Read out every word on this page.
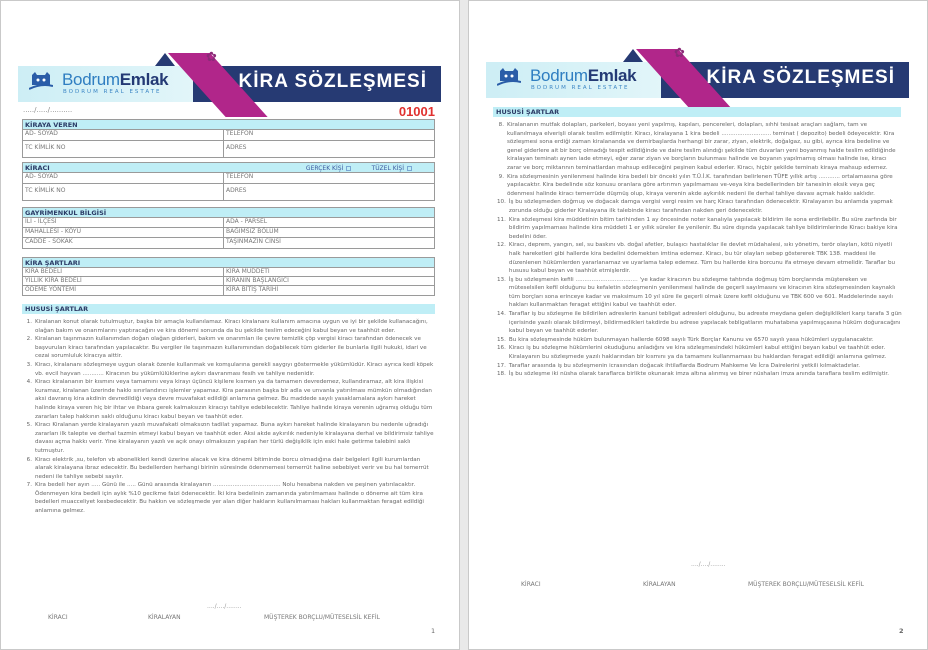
✿
BodrumEmlak
BODRUM REAL ESTATE	KİRA SÖZLEŞMESİ
...../...../..........	01001
KİRAYA VEREN
AD- SOYAD	TELEFON
TC KİMLİK NO	ADRES
KİRACI	GERÇEK KİŞİ	TÜZEL KİŞİ
AD- SOYAD	TELEFON
TC KİMLİK NO	ADRES
GAYRİMENKUL BİLGİSİ
İLİ - İLÇESİ	ADA - PARSEL
MAHALLESİ - KÖYÜ	BAĞIMSIZ BÖLÜM
CADDE - SOKAK	TAŞINMAZIN CİNSİ
KİRA ŞARTLARI
KİRA BEDELİ	KİRA MÜDDETİ
YILLIK KİRA BEDELİ	KİRANIN BAŞLANGICI
ÖDEME YÖNTEMİ	KİRA BİTİŞ TARİHİ
HUSUSİ ŞARTLAR
1. Kiralanan konut olarak tutulmuştur, başka bir amaçla kullanılamaz. Kiracı kiralananı kullanım amacına uygun ve iyi bir şekilde kullanacağını, olağan bakım ve onarımlarını yaptıracağını ve kira dönemi sonunda da bu şekilde teslim edeceğini kabul beyan ve taahhüt eder.
2. Kiralanan taşınmazın kullanımdan doğan olağan giderleri, bakım ve onarımları ile çevre temizlik çöp vergisi kiracı tarafından ödenecek ve başvuruları kiracı tarafından yapılacaktır. Bu vergiler ile taşınmazın kullanımından doğabilecek tüm giderler ile bunlarla ilgili hukuki, idari ve cezai sorumluluk kiracıya aittir.
3. Kiracı, kiralananı sözleşmeye uygun olarak özenle kullanmak ve komşularına gerekli saygıyı göstermekle yükümlüdür. Kiracı ayrıca kedi köpek vb. evcil hayvan ............ Kiracının bu yükümlülüklerine aykırı davranması fesih ve tahliye nedenidir.
4. Kiracı kiralananın bir kısmını veya tamamını veya kirayı üçüncü kişilere kısmen ya da tamamen devredemez, kullandıramaz, alt kira ilişkisi kuramaz, kiralanan üzerinde hakkı sınırlandırıcı işlemler yapamaz. Kira parasının başka bir adla ve unvanla yatırılması mümkün olmadığından aksi davranış kira akdinin devredildiği veya devre muvafakat edildiği anlamına gelmez. Bu maddede sayılı yasaklamalara aykırı hareket halinde kiraya veren hiç bir ihtar ve ihbara gerek kalmaksızın kiracıyı tahliye edebilecektir. Tahliye halinde kiraya verenin uğramış olduğu tüm zararları talep hakkının saklı olduğunu kiracı kabul beyan ve taahhüt eder.
5. Kiracı Kiralanan yerde kiralayanın yazılı muvafakati olmaksızın tadilat yapamaz. Buna aykırı hareket halinde kiralayanın bu nedenle uğradığı zararları ilk talepte ve derhal tazmin etmeyi kabul beyan ve taahhüt eder. Aksi akde aykırılık nedeniyle kiralayana derhal ve bildirimsiz tahliye davası açma hakkı verir. Yine kiralayanın yazılı ve açık onayı olmaksızın yapılan her türlü değişiklik için eski hale getirme talebini saklı tutmuştur.
6. Kiracı elektrik ,su, telefon vb abonelikleri kendi üzerine alacak ve kira dönemi bitiminde borcu olmadığına dair belgeleri ilgili kurumlardan alarak kiralayana ibraz edecektir. Bu bedellerden herhangi birinin süresinde ödenmemesi temerrüt haline sebebiyet verir ve bu hal temerrüt nedeni ile tahliye sebebi sayılır.
7. Kira bedeli her ayın ..... Günü ile ..... Günü arasında kiralayanın ...................................... Nolu hesabına nakden ve peşinen yatırılacaktır. Ödenmeyen kira bedeli için aylık %10 gecikme faizi ödenecektir. İki kira bedelinin zamanında yatırılmaması halinde o döneme ait tüm kira bedelleri muacceliyet kesbedecektir. Bu hakkın ve sözleşmede yer alan diğer hakların kullanılmaması hakları kullanmaktan feragat edildiği anlamına gelmez.
..../..../........
KİRACI	KİRALAYAN	MÜŞTEREK BORÇLU/MÜTESELSİL KEFİL
1
✿
BodrumEmlak
BODRUM REAL ESTATE	KİRA SÖZLEŞMESİ
HUSUSİ ŞARTLAR
8. Kiralananın mutfak dolapları, parkeleri, boyası yeni yapılmış, kapıları, pencereleri, dolapları, sıhhi tesisat araçları sağlam, tam ve kullanılmaya elverişli olarak teslim edilmiştir. Kiracı, kiralayana 1 kira bedeli ............................ teminat ( depozito) bedeli ödeyecektir. Kira sözleşmesi sona erdiği zaman kiralananda ve demirbaşlarda herhangi bir zarar, ziyan, elektrik, doğalgaz, su gibi, ayrıca kira bedeline ve genel giderlere ait bir borç olmadığı tespit edildiğinde ve daire teslim alındığı şekilde tüm duvarları yeni boyanmış halde teslim edildiğinde kiralayan teminatı aynen iade etmeyi, eğer zarar ziyan ve borçların bulunması halinde ve boyanın yapılmamış olması halinde ise, kiracı zarar ve borç miktarının teminatlardan mahsup edileceğini peşinen kabul ederler. Kiracı, hiçbir şekilde teminatı kiraya mahsup edemez.
9. Kira sözleşmesinin yenilenmesi halinde kira bedeli bir önceki yılın T.Ü.İ.K. tarafından belirlenen TÜFE yıllık artış ............ ortalamasına göre yapılacaktır. Kira bedelinde söz konusu oranlara göre artırımın yapılmaması ve-veya kira bedellerinden bir tanesinin eksik veya geç ödenmesi halinde kiracı temerrüde düşmüş olup, kiraya verenin akde aykırılık nedeni ile derhal tahliye davası açmak hakkı saklıdır.
10. İş bu sözleşmeden doğmuş ve doğacak damga vergisi vergi resim ve harç Kiracı tarafından ödenecektir. Kiralayanın bu anlamda yapmak zorunda olduğu giderler Kiralayana ilk talebinde kiracı tarafından nakden geri ödenecektir.
11. Kira sözleşmesi kira müddetinin bitim tarihinden 1 ay öncesinde noter kanalıyla yapılacak bildirim ile sona erdirilebilir. Bu süre zarfında bir bildirim yapılmaması halinde kira müddeti 1 er yıllık süreler ile yenilenir. Bu süre dışında yapılacak tahliye bildirimlerinde Kiracı bakiye kira bedelini öder.
12. Kiracı, deprem, yangın, sel, su baskını vb. doğal afetler, bulaşıcı hastalıklar ile devlet müdahalesi, sıkı yönetim, terör olayları, kötü niyetli halk hareketleri gibi hallerde kira bedelini ödemekten imtina edemez. Kiracı, bu tür olayları sebep göstererek TBK 138. maddesi ile düzenlenen hükümlerden yararlanamaz ve uyarlama talep edemez. Tüm bu hallerde kira borcunu ifa etmeye devam etmelidir. Taraflar bu hususu kabul beyan ve taahhüt etmişlerdir.
13. İş bu sözleşmenin kefili ................................... 'ye kadar kiracının bu sözleşme tahtında doğmuş tüm borçlarında müştereken ve müteselsilen kefil olduğunu bu kefaletin sözleşmenin yenilenmesi halinde de geçerli sayılmasını ve kiracının kira sözleşmesinden kaynaklı tüm borçları sona erinceye kadar ve maksimum 10 yıl süre ile geçerli olmak üzere kefil olduğunu ve TBK 600 ve 601. Maddelerinde sayılı hakları kullanmaktan feragat ettiğini kabul ve taahhüt eder.
14. Taraflar iş bu sözleşme ile bildirilen adreslerin kanuni tebligat adresleri olduğunu, bu adreste meydana gelen değişiklikleri karşı tarafa 3 gün içerisinde yazılı olarak bildirmeyi, bildirmedikleri takdirde bu adrese yapılacak tebligatların muhatabına yapılmışçasına hüküm doğuracağını kabul beyan ve taahhüt ederler.
15. Bu kira sözleşmesinde hüküm bulunmayan hallerde 6098 sayılı Türk Borçlar Kanunu ve 6570 sayılı yasa hükümleri uygulanacaktır.
16. Kiracı iş bu sözleşme hükümlerini okuduğunu anladığını ve kira sözleşmesindeki hükümleri kabul ettiğini beyan kabul ve taahhüt eder. Kiralayanın bu sözleşmede yazılı haklarından bir kısmını ya da tamamını kullanmaması bu haklardan feragat edildiği anlamına gelmez.
17. Taraflar arasında iş bu sözleşmenin icrasından doğacak ihtilaflarda Bodrum Mahkeme Ve İcra Dairelerini yetkili kılmaktadırlar.
18. İş bu sözleşme iki nüsha olarak taraflarca birlikte okunarak imza altına alınmış ve birer nüshaları imza anında taraflara teslim edilmiştir.
..../..../........
KİRACI	KİRALAYAN	MÜŞTEREK BORÇLU/MÜTESELSİL KEFİL
2
